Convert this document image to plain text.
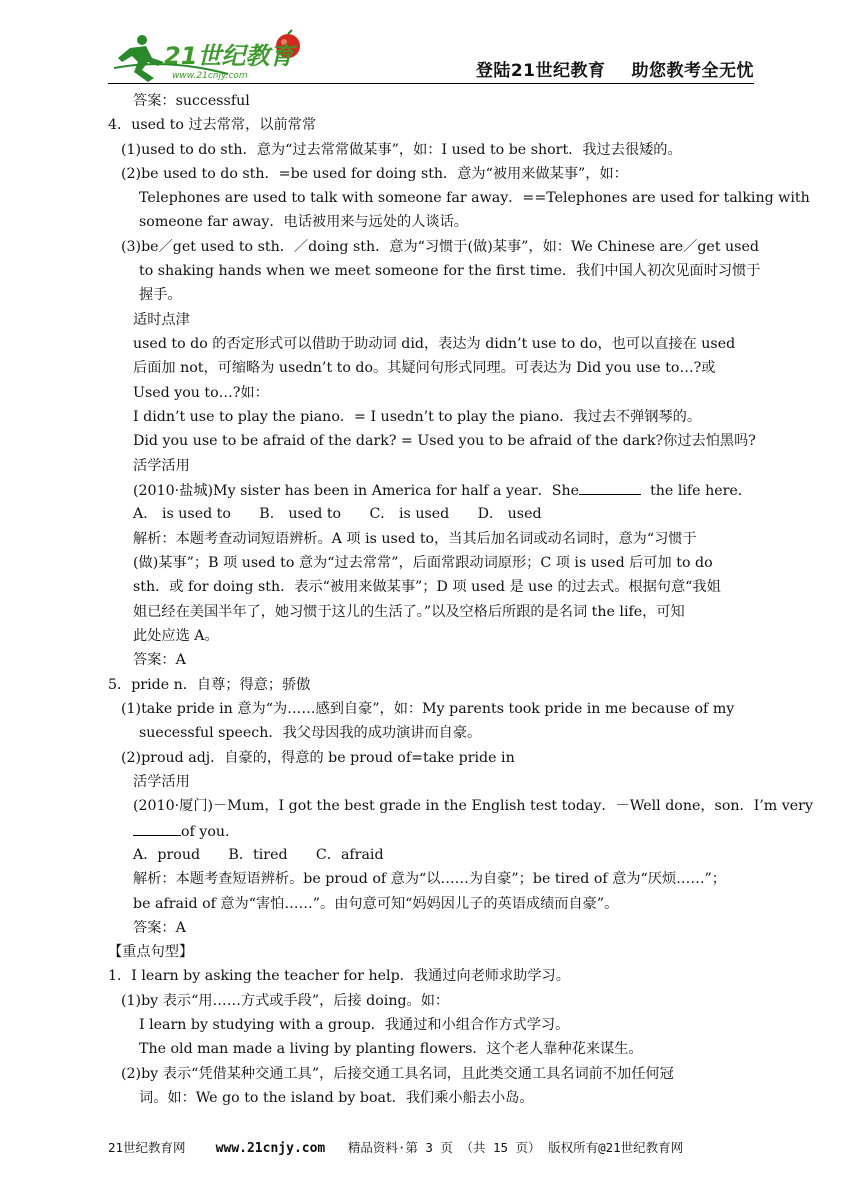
21世纪教育
www.21cnjy.com	登陆21世纪教育 助您教考全无忧
答案：successful
4．used to 过去常常，以前常常
(1)used to do sth．意为“过去常常做某事”，如：I used to be short．我过去很矮的。
(2)be used to do sth．=be used for doing sth．意为“被用来做某事”，如：
Telephones are used to talk with someone far away．==Telephones are used for talking with
someone far away．电话被用来与远处的人谈话。
(3)be／get used to sth．／doing sth．意为“习惯于(做)某事”，如：We Chinese are／get used
to shaking hands when we meet someone for the first time．我们中国人初次见面时习惯于
握手。
适时点津
used to do 的否定形式可以借助于助动词 did，表达为 didn’t use to do，也可以直接在 used
后面加 not，可缩略为 usedn’t to do。其疑问句形式同理。可表达为 Did you use to…?或
Used you to…?如：
I didn’t use to play the piano．= I usedn’t to play the piano．我过去不弹钢琴的。
Did you use to be afraid of the dark? = Used you to be afraid of the dark?你过去怕黑吗?
活学活用
(2010·盐城)My sister has been in America for half a year．She	the life here．
A． is used to　　B． used to　　C． is used　　D． used
解析：本题考查动词短语辨析。A 项 is used to，当其后加名词或动名词时，意为“习惯于
(做)某事”；B 项 used to 意为“过去常常”，后面常跟动词原形；C 项 is used 后可加 to do
sth．或 for doing sth．表示“被用来做某事”；D 项 used 是 use 的过去式。根据句意“我姐
姐已经在美国半年了，她习惯于这儿的生活了。”以及空格后所跟的是名词 the life，可知
此处应选 A。
答案：A
5．pride n．自尊；得意；骄傲
(1)take pride in 意为“为……感到自豪”，如：My parents took pride in me because of my
suecessful speech．我父母因我的成功演讲而自豪。
(2)proud adj．自豪的，得意的 be proud of=take pride in
活学活用
(2010·厦门)－Mum，I got the best grade in the English test today．－Well done，son．I’m very
of you．
A．proud　　B．tired　　C．afraid
解析：本题考查短语辨析。be proud of 意为“以……为自豪”；be tired of 意为“厌烦……”；
be afraid of 意为“害怕……”。由句意可知“妈妈因儿子的英语成绩而自豪”。
答案：A
【重点句型】
1．I learn by asking the teacher for help．我通过向老师求助学习。
(1)by 表示“用……方式或手段”，后接 doing。如：
I learn by studying with a group．我通过和小组合作方式学习。
The old man made a living by planting flowers．这个老人靠种花来谋生。
(2)by 表示“凭借某种交通工具”，后接交通工具名词，且此类交通工具名词前不加任何冠
词。如：We go to the island by boat．我们乘小船去小岛。
21世纪教育网 www.21cnjy.com 精品资料·第 3 页 （共 15 页） 版权所有@21世纪教育网
